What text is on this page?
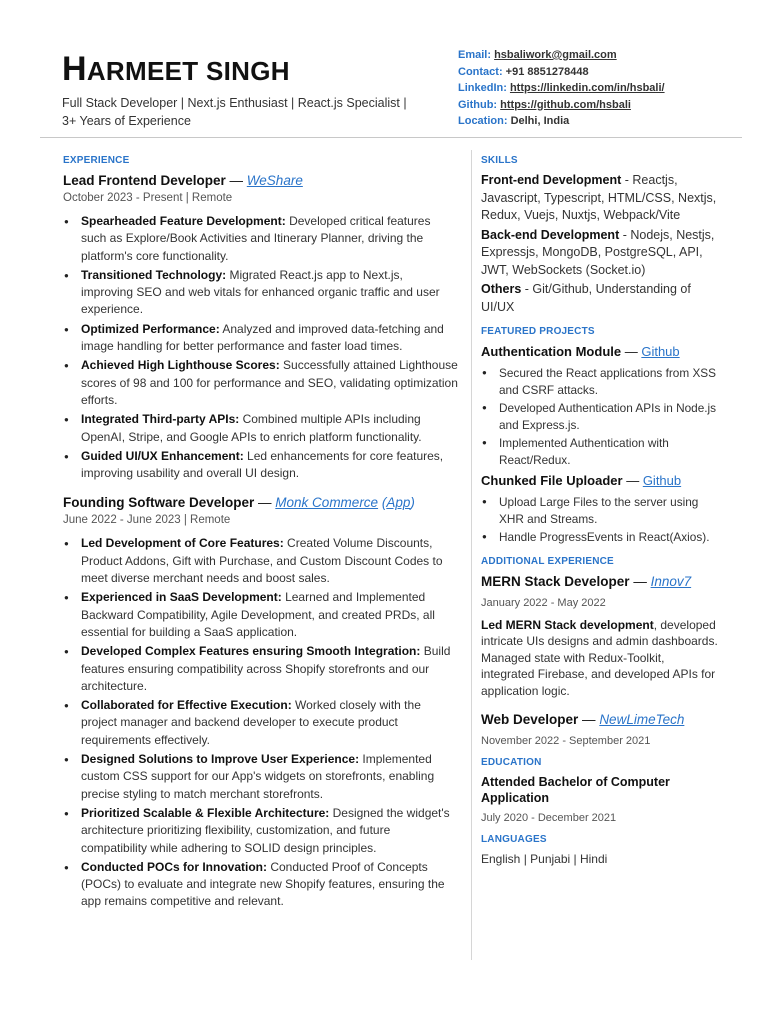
HARMEET SINGH
Full Stack Developer | Next.js Enthusiast | React.js Specialist |
3+ Years of Experience
Email: hsbaliwork@gmail.com
Contact: +91 8851278448
LinkedIn: https://linkedin.com/in/hsbali/
Github: https://github.com/hsbali
Location: Delhi, India
EXPERIENCE
Lead Frontend Developer — WeShare
October 2023 - Present | Remote
● Spearheaded Feature Development: Developed critical features such as Explore/Book Activities and Itinerary Planner, driving the platform's core functionality.
● Transitioned Technology: Migrated React.js app to Next.js, improving SEO and web vitals for enhanced organic traffic and user experience.
● Optimized Performance: Analyzed and improved data-fetching and image handling for better performance and faster load times.
● Achieved High Lighthouse Scores: Successfully attained Lighthouse scores of 98 and 100 for performance and SEO, validating optimization efforts.
● Integrated Third-party APIs: Combined multiple APIs including OpenAI, Stripe, and Google APIs to enrich platform functionality.
● Guided UI/UX Enhancement: Led enhancements for core features, improving usability and overall UI design.
Founding Software Developer — Monk Commerce (App)
June 2022 - June 2023 | Remote
● Led Development of Core Features: Created Volume Discounts, Product Addons, Gift with Purchase, and Custom Discount Codes to meet diverse merchant needs and boost sales.
● Experienced in SaaS Development: Learned and Implemented Backward Compatibility, Agile Development, and created PRDs, all essential for building a SaaS application.
● Developed Complex Features ensuring Smooth Integration: Build features ensuring compatibility across Shopify storefronts and our architecture.
● Collaborated for Effective Execution: Worked closely with the project manager and backend developer to execute product requirements effectively.
● Designed Solutions to Improve User Experience: Implemented custom CSS support for our App's widgets on storefronts, enabling precise styling to match merchant storefronts.
● Prioritized Scalable & Flexible Architecture: Designed the widget's architecture prioritizing flexibility, customization, and future compatibility while adhering to SOLID design principles.
● Conducted POCs for Innovation: Conducted Proof of Concepts (POCs) to evaluate and integrate new Shopify features, ensuring the app remains competitive and relevant.
SKILLS
Front-end Development - Reactjs, Javascript, Typescript, HTML/CSS, Nextjs, Redux, Vuejs, Nuxtjs, Webpack/Vite
Back-end Development - Nodejs, Nestjs, Expressjs, MongoDB, PostgreSQL, API, JWT, WebSockets (Socket.io)
Others - Git/Github, Understanding of UI/UX
FEATURED PROJECTS
Authentication Module — Github
● Secured the React applications from XSS and CSRF attacks.
● Developed Authentication APIs in Node.js and Express.js.
● Implemented Authentication with React/Redux.
Chunked File Uploader — Github
● Upload Large Files to the server using XHR and Streams.
● Handle ProgressEvents in React(Axios).
ADDITIONAL EXPERIENCE
MERN Stack Developer — Innov7
January 2022 - May 2022
Led MERN Stack development, developed intricate UIs designs and admin dashboards. Managed state with Redux-Toolkit, integrated Firebase, and developed APIs for application logic.
Web Developer — NewLimeTech
November 2022 - September 2021
EDUCATION
Attended Bachelor of Computer Application
July 2020 - December 2021
LANGUAGES
English | Punjabi | Hindi
